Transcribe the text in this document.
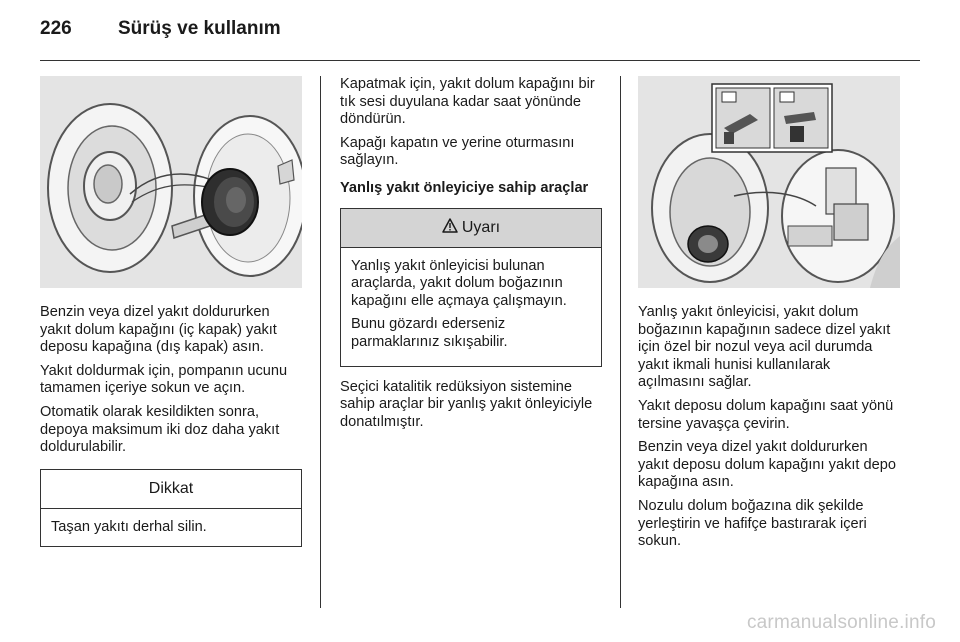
226	Sürüş ve kullanım

Benzin veya dizel yakıt doldururken yakıt dolum kapağını (iç kapak) yakıt deposu kapağına (dış kapak) asın.

Yakıt doldurmak için, pompanın ucunu tamamen içeriye sokun ve açın.

Otomatik olarak kesildikten sonra, depoya maksimum iki doz daha yakıt doldurulabilir.

Dikkat

Taşan yakıtı derhal silin.

Kapatmak için, yakıt dolum kapağını bir tık sesi duyulana kadar saat yönünde döndürün.

Kapağı kapatın ve yerine oturmasını sağlayın.

Yanlış yakıt önleyiciye sahip araçlar
Uyarı

Yanlış yakıt önleyicisi bulunan araçlarda, yakıt dolum boğazının kapağını elle açmaya çalışmayın.

Bunu gözardı ederseniz parmaklarınız sıkışabilir.

Seçici katalitik redüksiyon sistemine sahip araçlar bir yanlış yakıt önleyiciyle donatılmıştır.

Yanlış yakıt önleyicisi, yakıt dolum boğazının kapağının sadece dizel yakıt için özel bir nozul veya acil durumda yakıt ikmali hunisi kullanılarak açılmasını sağlar.

Yakıt deposu dolum kapağını saat yönü tersine yavaşça çevirin.

Benzin veya dizel yakıt doldururken yakıt deposu dolum kapağını yakıt depo kapağına asın.

Nozulu dolum boğazına dik şekilde yerleştirin ve hafifçe bastırarak içeri sokun.

carmanualsonline.info
